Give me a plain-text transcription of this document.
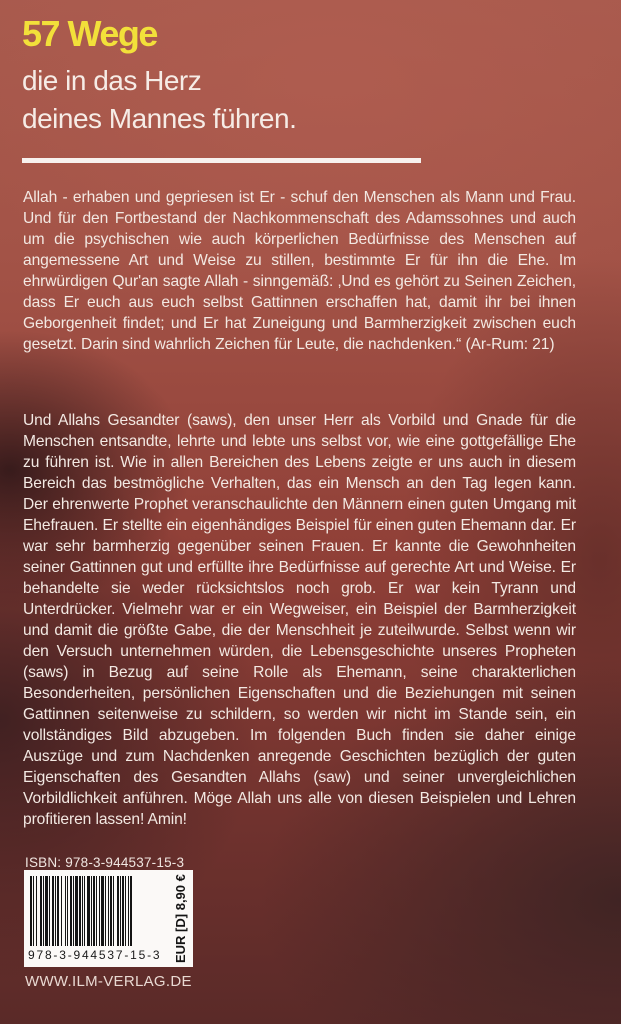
57 Wege
die in das Herz
deines Mannes führen.

Allah - erhaben und gepriesen ist Er - schuf den Menschen als Mann und Frau. Und für den Fortbestand der Nachkommenschaft des Adamssohnes und auch um die psychischen wie auch körperlichen Bedürfnisse des Menschen auf angemessene Art und Weise zu stillen, bestimmte Er für ihn die Ehe. Im ehrwürdigen Qur'an sagte Allah - sinngemäß: ‚Und es gehört zu Seinen Zeichen, dass Er euch aus euch selbst Gattinnen erschaffen hat, damit ihr bei ihnen Geborgenheit findet; und Er hat Zuneigung und Barmherzigkeit zwischen euch gesetzt. Darin sind wahrlich Zeichen für Leute, die nachdenken.“ (Ar-Rum: 21)

Und Allahs Gesandter (saws), den unser Herr als Vorbild und Gnade für die Menschen entsandte, lehrte und lebte uns selbst vor, wie eine gottgefällige Ehe zu führen ist. Wie in allen Bereichen des Lebens zeigte er uns auch in diesem Bereich das bestmögliche Verhalten, das ein Mensch an den Tag legen kann. Der ehrenwerte Prophet veranschaulichte den Männern einen guten Umgang mit Ehefrauen. Er stellte ein eigenhändiges Beispiel für einen guten Ehemann dar. Er war sehr barmherzig gegenüber seinen Frauen. Er kannte die Gewohnheiten seiner Gattinnen gut und erfüllte ihre Bedürfnisse auf gerechte Art und Weise. Er behandelte sie weder rücksichtslos noch grob. Er war kein Tyrann und Unterdrücker. Vielmehr war er ein Wegweiser, ein Beispiel der Barmherzigkeit und damit die größte Gabe, die der Menschheit je zuteilwurde. Selbst wenn wir den Versuch unternehmen würden, die Lebensgeschichte unseres Propheten (saws) in Bezug auf seine Rolle als Ehemann, seine charakterlichen Besonderheiten, persönlichen Eigenschaften und die Beziehungen mit seinen Gattinnen seitenweise zu schildern, so werden wir nicht im Stande sein, ein vollständiges Bild abzugeben. Im folgenden Buch finden sie daher einige Auszüge und zum Nachdenken anregende Geschichten bezüglich der guten Eigenschaften des Gesandten Allahs (saw) und seiner unvergleichlichen Vorbildlichkeit anführen. Möge Allah uns alle von diesen Beispielen und Lehren profitieren lassen! Amin!

ISBN: 978-3-944537-15-3
978-3-944537-15-3 EUR [D] 8,90 €
WWW.ILM-VERLAG.DE
